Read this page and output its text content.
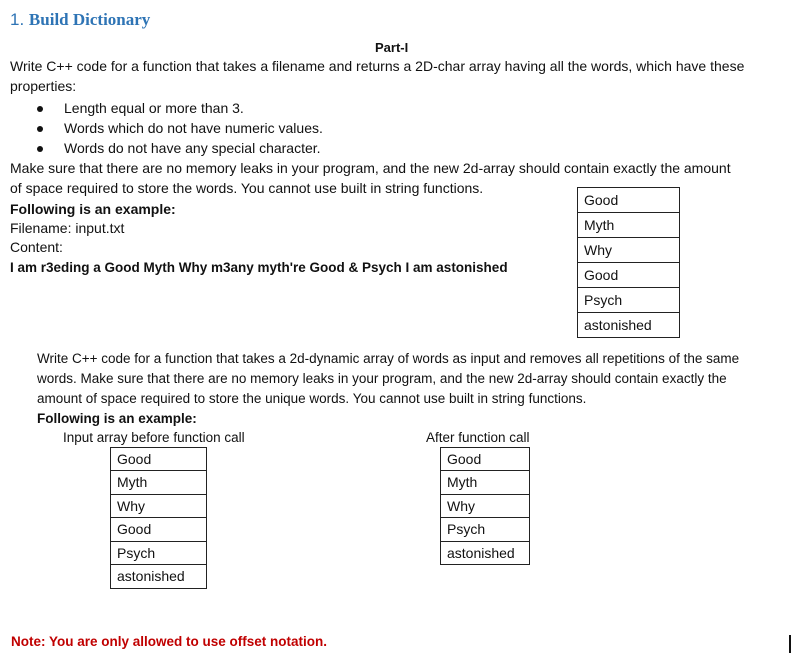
1. Build Dictionary
Part-I
Write C++ code for a function that takes a filename and returns a 2D-char array having all the words, which have these
properties:
Length equal or more than 3.
Words which do not have numeric values.
Words do not have any special character.
Make sure that there are no memory leaks in your program, and the new 2d-array should contain exactly the amount
of space required to store the words. You cannot use built in string functions.
Following is an example:
Filename: input.txt
Content:
I am r3eding a Good Myth Why m3any myth're Good & Psych I am astonished
Good
Myth
Why
Good
Psych
astonished
Write C++ code for a function that takes a 2d-dynamic array of words as input and removes all repetitions of the same
words. Make sure that there are no memory leaks in your program, and the new 2d-array should contain exactly the
amount of space required to store the unique words. You cannot use built in string functions.
Following is an example:
Input array before function call	After function call
Good
Myth
Why
Good
Psych
astonished
Good
Myth
Why
Psych
astonished
Note: You are only allowed to use offset notation.
